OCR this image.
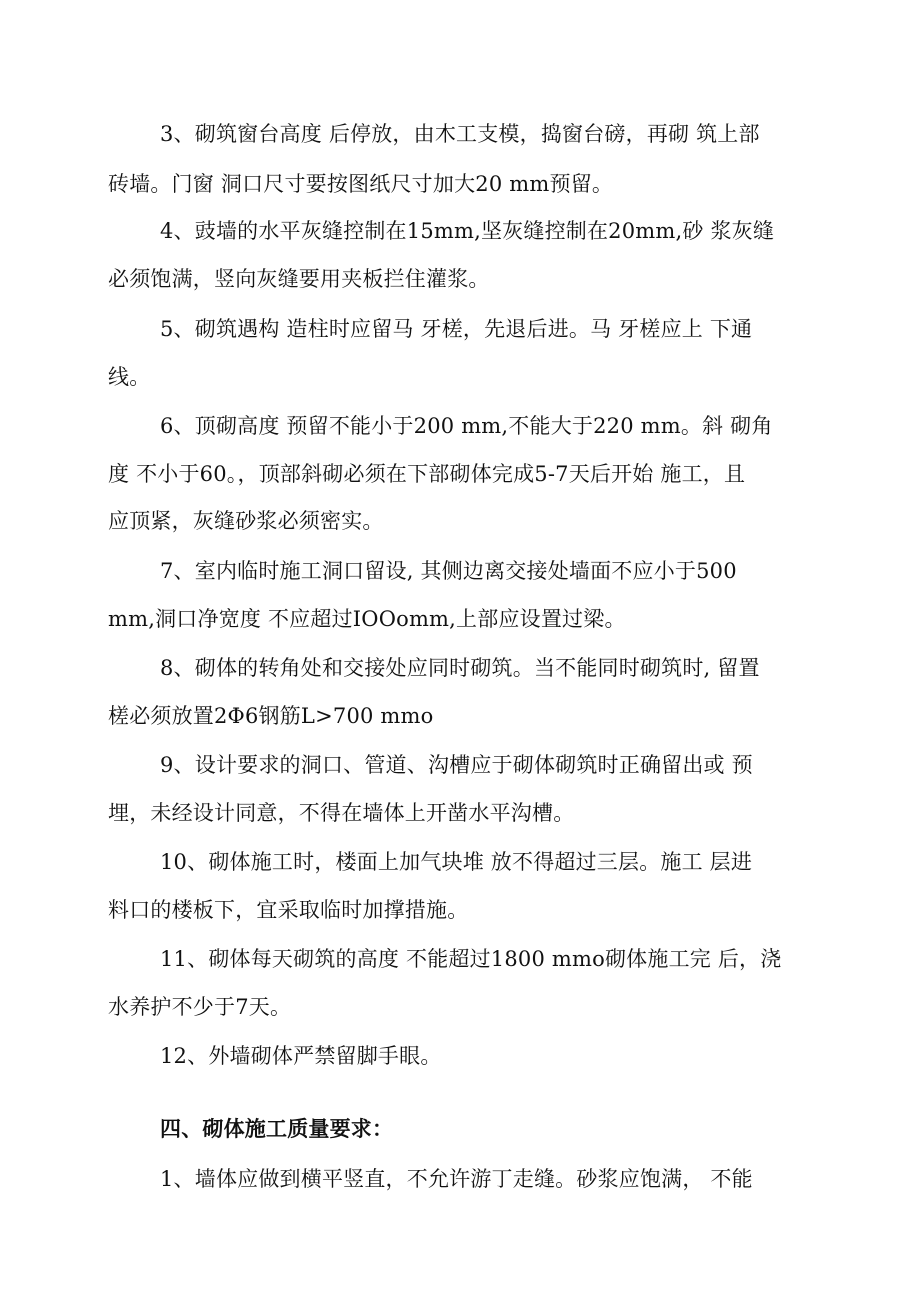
3、砌筑窗台高度 后停放，由木工支模，捣窗台磅，再砌 筑上部
砖墙。门窗 洞口尺寸要按图纸尺寸加大20 mm预留。
4、豉墙的水平灰缝控制在15mm,坚灰缝控制在20mm,砂 浆灰缝
必须饱满，竖向灰缝要用夹板拦住灌浆。
5、砌筑遇构 造柱时应留马 牙槎，先退后进。马 牙槎应上 下通
线。
6、顶砌高度 预留不能小于200 mm,不能大于220 mm。斜 砌角
度 不小于60。，顶部斜砌必须在下部砌体完成5-7天后开始 施工，且
应顶紧，灰缝砂浆必须密实。
7、室内临时施工洞口留设, 其侧边离交接处墙面不应小于500
mm,洞口净宽度 不应超过IOOomm,上部应设置过梁。
8、砌体的转角处和交接处应同时砌筑。当不能同时砌筑时, 留置
槎必须放置2Φ6钢筋L>700 mmo
9、设计要求的洞口、管道、沟槽应于砌体砌筑时正确留出或 预
埋，未经设计同意，不得在墙体上开凿水平沟槽。
10、砌体施工时，楼面上加气块堆 放不得超过三层。施工 层进
料口的楼板下，宜采取临时加撑措施。
11、砌体每天砌筑的高度 不能超过1800 mmo砌体施工完 后，浇
水养护不少于7天。
12、外墙砌体严禁留脚手眼。
四、砌体施工质量要求：
1、墙体应做到横平竖直，不允许游丁走缝。砂浆应饱满， 不能
